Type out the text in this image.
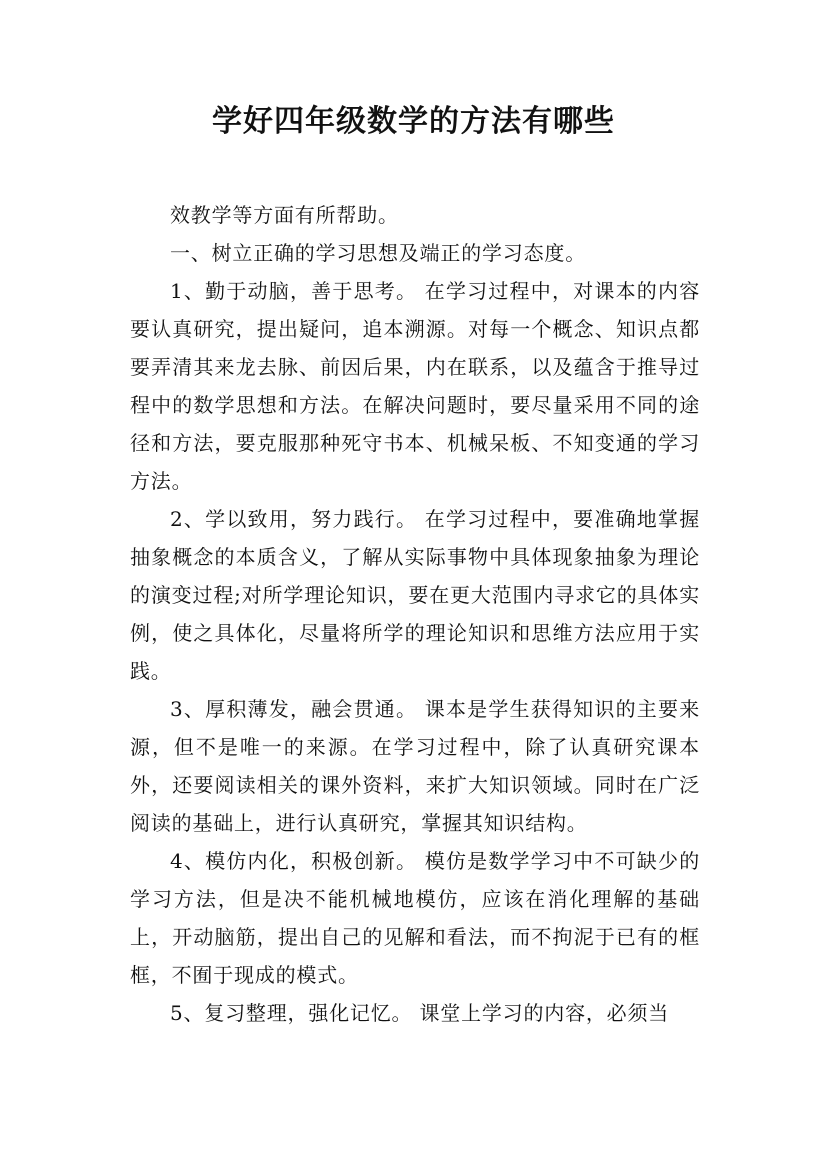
学好四年级数学的方法有哪些

效教学等方面有所帮助。

一、树立正确的学习思想及端正的学习态度。

1、勤于动脑，善于思考。 在学习过程中，对课本的内容要认真研究，提出疑问，追本溯源。对每一个概念、知识点都要弄清其来龙去脉、前因后果，内在联系，以及蕴含于推导过程中的数学思想和方法。在解决问题时，要尽量采用不同的途径和方法，要克服那种死守书本、机械呆板、不知变通的学习方法。

2、学以致用，努力践行。 在学习过程中，要准确地掌握抽象概念的本质含义，了解从实际事物中具体现象抽象为理论的演变过程;对所学理论知识，要在更大范围内寻求它的具体实例，使之具体化，尽量将所学的理论知识和思维方法应用于实践。

3、厚积薄发，融会贯通。 课本是学生获得知识的主要来源，但不是唯一的来源。在学习过程中，除了认真研究课本外，还要阅读相关的课外资料，来扩大知识领域。同时在广泛阅读的基础上，进行认真研究，掌握其知识结构。

4、模仿内化，积极创新。 模仿是数学学习中不可缺少的学习方法，但是决不能机械地模仿，应该在消化理解的基础上，开动脑筋，提出自己的见解和看法，而不拘泥于已有的框框，不囿于现成的模式。

5、复习整理，强化记忆。 课堂上学习的内容，必须当
